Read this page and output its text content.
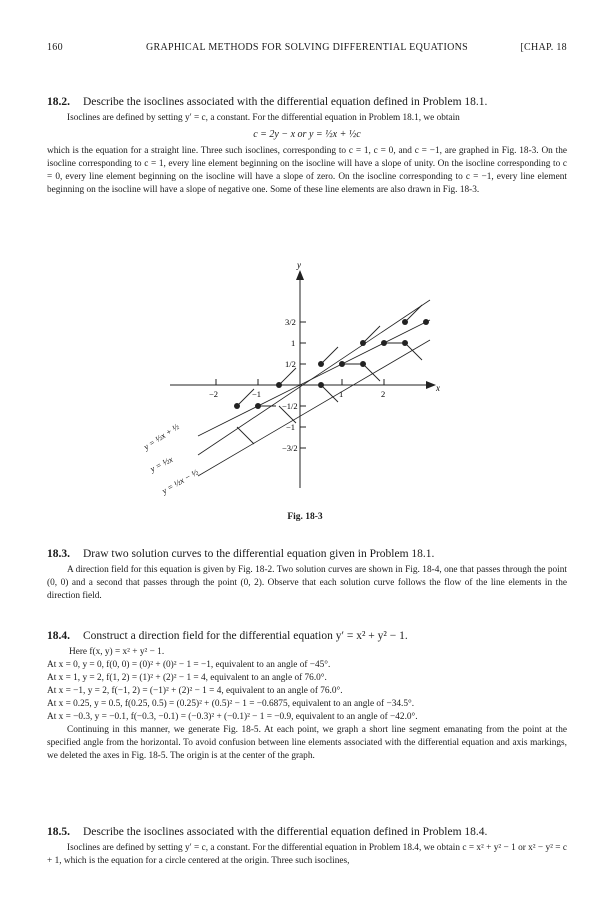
160	GRAPHICAL METHODS FOR SOLVING DIFFERENTIAL EQUATIONS	[CHAP. 18
18.2. Describe the isoclines associated with the differential equation defined in Problem 18.1.

Isoclines are defined by setting y′ = c, a constant. For the differential equation in Problem 18.1, we obtain

c = 2y − x or y = ½x + ½c

which is the equation for a straight line. Three such isoclines, corresponding to c = 1, c = 0, and c = −1, are graphed in Fig. 18-3. On the isocline corresponding to c = 1, every line element beginning on the isocline will have a slope of unity. On the isocline corresponding to c = 0, every line element beginning on the isocline will have a slope of zero. On the isocline corresponding to c = −1, every line element beginning on the isocline will have a slope of negative one. Some of these line elements are also drawn in Fig. 18-3.

y
x
3/2
1
1/2
−1/2
−1
−3/2
−2	−1	1	2
y = ½x + ½
y = ½x
y = ½x − ½
Fig. 18-3
18.3. Draw two solution curves to the differential equation given in Problem 18.1.

A direction field for this equation is given by Fig. 18-2. Two solution curves are shown in Fig. 18-4, one that passes through the point (0, 0) and a second that passes through the point (0, 2). Observe that each solution curve follows the flow of the line elements in the direction field.

18.4. Construct a direction field for the differential equation y′ = x² + y² − 1.

Here f(x, y) = x² + y² − 1.

At x = 0, y = 0, f(0, 0) = (0)² + (0)² − 1 = −1, equivalent to an angle of −45°.

At x = 1, y = 2, f(1, 2) = (1)² + (2)² − 1 = 4, equivalent to an angle of 76.0°.

At x = −1, y = 2, f(−1, 2) = (−1)² + (2)² − 1 = 4, equivalent to an angle of 76.0°.

At x = 0.25, y = 0.5, f(0.25, 0.5) = (0.25)² + (0.5)² − 1 = −0.6875, equivalent to an angle of −34.5°.

At x = −0.3, y = −0.1, f(−0.3, −0.1) = (−0.3)² + (−0.1)² − 1 = −0.9, equivalent to an angle of −42.0°.

Continuing in this manner, we generate Fig. 18-5. At each point, we graph a short line segment emanating from the point at the specified angle from the horizontal. To avoid confusion between line elements associated with the differential equation and axis markings, we deleted the axes in Fig. 18-5. The origin is at the center of the graph.

18.5. Describe the isoclines associated with the differential equation defined in Problem 18.4.

Isoclines are defined by setting y′ = c, a constant. For the differential equation in Problem 18.4, we obtain c = x² + y² − 1 or x² − y² = c + 1, which is the equation for a circle centered at the origin. Three such isoclines,
